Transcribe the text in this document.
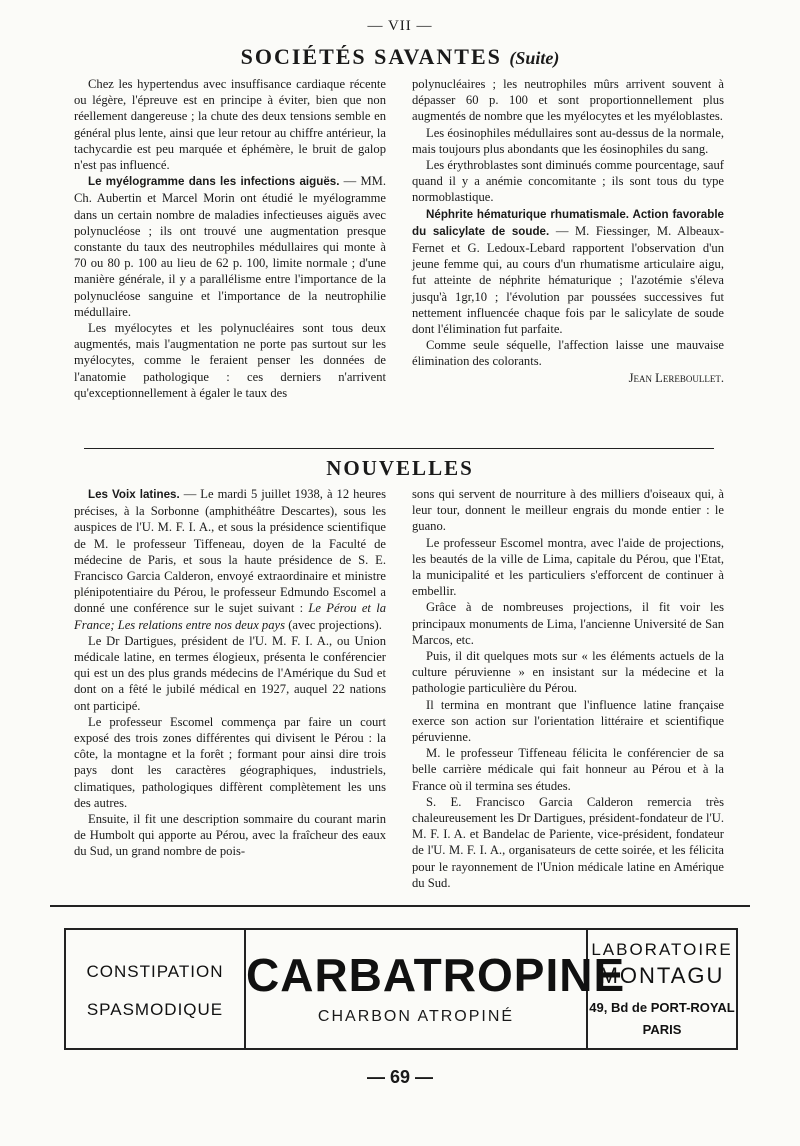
— VII —
SOCIÉTÉS SAVANTES (Suite)

Chez les hypertendus avec insuffisance cardiaque récente ou légère, l'épreuve est en principe à éviter, bien que non réellement dangereuse ; la chute des deux tensions semble en général plus lente, ainsi que leur retour au chiffre antérieur, la tachycardie est peu marquée et éphémère, le bruit de galop n'est pas influencé.

Le myélogramme dans les infections aiguës. — MM. Ch. Aubertin et Marcel Morin ont étudié le myélogramme dans un certain nombre de maladies infectieuses aiguës avec polynucléose ; ils ont trouvé une augmentation presque constante du taux des neutrophiles médullaires qui monte à 70 ou 80 p. 100 au lieu de 62 p. 100, limite normale ; d'une manière générale, il y a parallélisme entre l'importance de la polynucléose sanguine et l'importance de la neutrophilie médullaire.

Les myélocytes et les polynucléaires sont tous deux augmentés, mais l'augmentation ne porte pas surtout sur les myélocytes, comme le feraient penser les données de l'anatomie pathologique : ces derniers n'arrivent qu'exceptionnellement à égaler le taux des

polynucléaires ; les neutrophiles mûrs arrivent souvent à dépasser 60 p. 100 et sont proportionnellement plus augmentés de nombre que les myélocytes et les myéloblastes.

Les éosinophiles médullaires sont au-dessus de la normale, mais toujours plus abondants que les éosinophiles du sang.

Les érythroblastes sont diminués comme pourcentage, sauf quand il y a anémie concomitante ; ils sont tous du type normoblastique.

Néphrite hématurique rhumatismale. Action favorable du salicylate de soude. — M. Fiessinger, M. Albeaux-Fernet et G. Ledoux-Lebard rapportent l'observation d'un jeune femme qui, au cours d'un rhumatisme articulaire aigu, fut atteinte de néphrite hématurique ; l'azotémie s'éleva jusqu'à 1gr,10 ; l'évolution par poussées successives fut nettement influencée chaque fois par le salicylate de soude dont l'élimination fut parfaite.

Comme seule séquelle, l'affection laisse une mauvaise élimination des colorants.

Jean Lereboullet.

NOUVELLES

Les Voix latines. — Le mardi 5 juillet 1938, à 12 heures précises, à la Sorbonne (amphithéâtre Descartes), sous les auspices de l'U. M. F. I. A., et sous la présidence scientifique de M. le professeur Tiffeneau, doyen de la Faculté de médecine de Paris, et sous la haute présidence de S. E. Francisco Garcia Calderon, envoyé extraordinaire et ministre plénipotentiaire du Pérou, le professeur Edmundo Escomel a donné une conférence sur le sujet suivant : Le Pérou et la France; Les relations entre nos deux pays (avec projections).

Le Dr Dartigues, président de l'U. M. F. I. A., ou Union médicale latine, en termes élogieux, présenta le conférencier qui est un des plus grands médecins de l'Amérique du Sud et dont on a fêté le jubilé médical en 1927, auquel 22 nations ont participé.

Le professeur Escomel commença par faire un court exposé des trois zones différentes qui divisent le Pérou : la côte, la montagne et la forêt ; formant pour ainsi dire trois pays dont les caractères géographiques, industriels, climatiques, pathologiques diffèrent complètement les uns des autres.

Ensuite, il fit une description sommaire du courant marin de Humbolt qui apporte au Pérou, avec la fraîcheur des eaux du Sud, un grand nombre de pois-

sons qui servent de nourriture à des milliers d'oiseaux qui, à leur tour, donnent le meilleur engrais du monde entier : le guano.

Le professeur Escomel montra, avec l'aide de projections, les beautés de la ville de Lima, capitale du Pérou, que l'Etat, la municipalité et les particuliers s'efforcent de continuer à embellir.

Grâce à de nombreuses projections, il fit voir les principaux monuments de Lima, l'ancienne Université de San Marcos, etc.

Puis, il dit quelques mots sur « les éléments actuels de la culture péruvienne » en insistant sur la médecine et la pathologie particulière du Pérou.

Il termina en montrant que l'influence latine française exerce son action sur l'orientation littéraire et scientifique péruvienne.

M. le professeur Tiffeneau félicita le conférencier de sa belle carrière médicale qui fait honneur au Pérou et à la France où il termina ses études.

S. E. Francisco Garcia Calderon remercia très chaleureusement les Dr Dartigues, président-fondateur de l'U. M. F. I. A. et Bandelac de Pariente, vice-président, fondateur de l'U. M. F. I. A., organisateurs de cette soirée, et les félicita pour le rayonnement de l'Union médicale latine en Amérique du Sud.

CONSTIPATION
SPASMODIQUE
CARBATROPINE
CHARBON ATROPINÉ
LABORATOIRE
MONTAGU
49, Bd de PORT-ROYAL
PARIS
— 69 —
